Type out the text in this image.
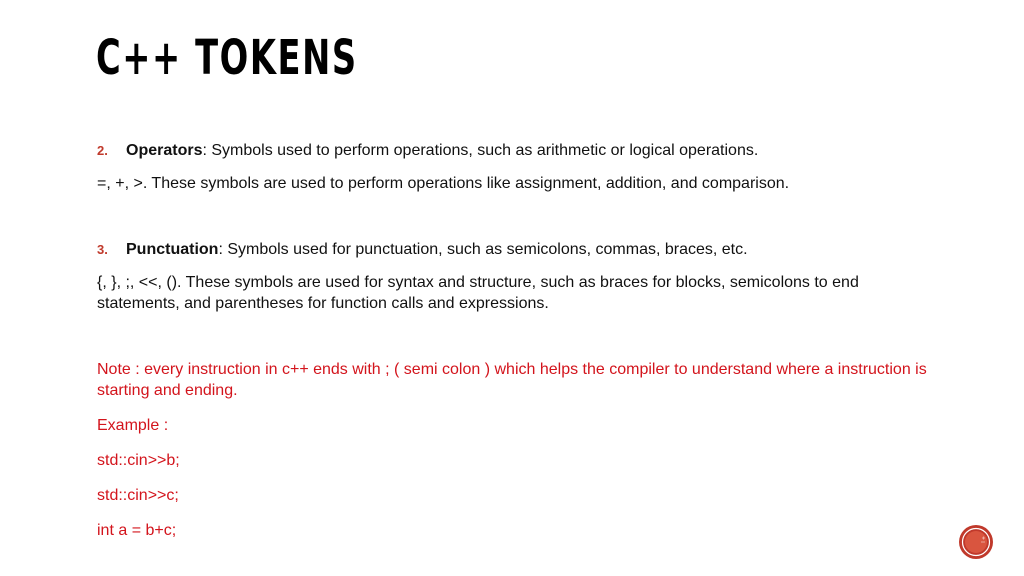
C++ TOKENS
2.	Operators: Symbols used to perform operations, such as arithmetic or logical operations.

=, +, >. These symbols are used to perform operations like assignment, addition, and comparison.

3.	Punctuation: Symbols used for punctuation, such as semicolons, commas, braces, etc.

{, }, ;, <<, (). These symbols are used for syntax and structure, such as braces for blocks, semicolons to end statements, and parentheses for function calls and expressions.

Note : every instruction in c++ ends with ; ( semi colon ) which helps the compiler to understand where a instruction is starting and ending.

Example :

std::cin>>b;

std::cin>>c;

int a = b+c;
